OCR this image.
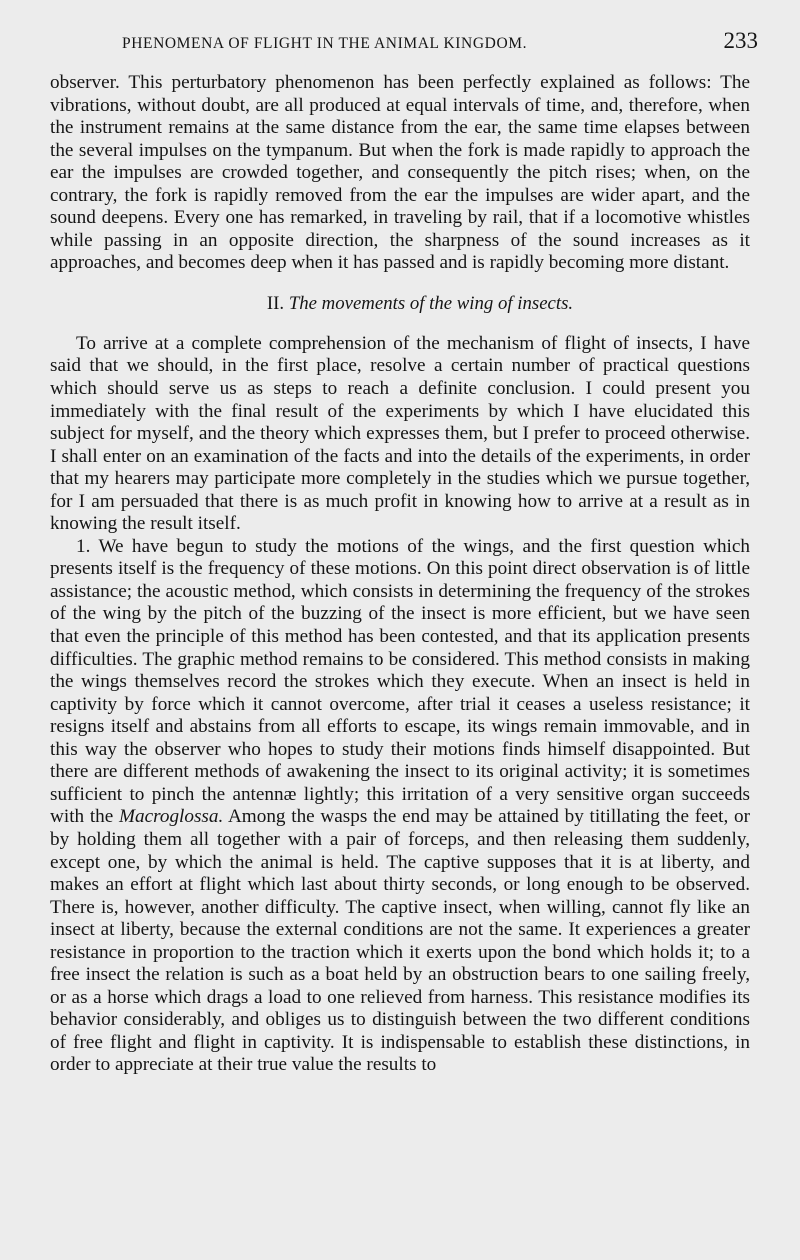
PHENOMENA OF FLIGHT IN THE ANIMAL KINGDOM.	233

observer. This perturbatory phenomenon has been perfectly explained as follows: The vibrations, without doubt, are all produced at equal intervals of time, and, therefore, when the instrument remains at the same distance from the ear, the same time elapses between the several impulses on the tympanum. But when the fork is made rapidly to approach the ear the impulses are crowded together, and consequently the pitch rises; when, on the contrary, the fork is rapidly removed from the ear the impulses are wider apart, and the sound deepens. Every one has remarked, in traveling by rail, that if a locomotive whistles while passing in an opposite direction, the sharpness of the sound increases as it approaches, and becomes deep when it has passed and is rapidly becoming more distant.

II. The movements of the wing of insects.

To arrive at a complete comprehension of the mechanism of flight of insects, I have said that we should, in the first place, resolve a certain number of practical questions which should serve us as steps to reach a definite conclusion. I could present you immediately with the final result of the experiments by which I have elucidated this subject for myself, and the theory which expresses them, but I prefer to proceed otherwise. I shall enter on an examination of the facts and into the details of the experiments, in order that my hearers may participate more completely in the studies which we pursue together, for I am persuaded that there is as much profit in knowing how to arrive at a result as in knowing the result itself.

1. We have begun to study the motions of the wings, and the first question which presents itself is the frequency of these motions. On this point direct observation is of little assistance; the acoustic method, which consists in determining the frequency of the strokes of the wing by the pitch of the buzzing of the insect is more efficient, but we have seen that even the principle of this method has been contested, and that its application presents difficulties. The graphic method remains to be considered. This method consists in making the wings themselves record the strokes which they execute. When an insect is held in captivity by force which it cannot overcome, after trial it ceases a useless resistance; it resigns itself and abstains from all efforts to escape, its wings remain immovable, and in this way the observer who hopes to study their motions finds himself disappointed. But there are different methods of awakening the insect to its original activity; it is sometimes sufficient to pinch the antennæ lightly; this irritation of a very sensitive organ succeeds with the Macroglossa. Among the wasps the end may be attained by titillating the feet, or by holding them all together with a pair of forceps, and then releasing them suddenly, except one, by which the animal is held. The captive supposes that it is at liberty, and makes an effort at flight which last about thirty seconds, or long enough to be observed. There is, however, another difficulty. The captive insect, when willing, cannot fly like an insect at liberty, because the external conditions are not the same. It experiences a greater resistance in proportion to the traction which it exerts upon the bond which holds it; to a free insect the relation is such as a boat held by an obstruction bears to one sailing freely, or as a horse which drags a load to one relieved from harness. This resistance modifies its behavior considerably, and obliges us to distinguish between the two different conditions of free flight and flight in captivity. It is indispensable to establish these distinctions, in order to appreciate at their true value the results to
